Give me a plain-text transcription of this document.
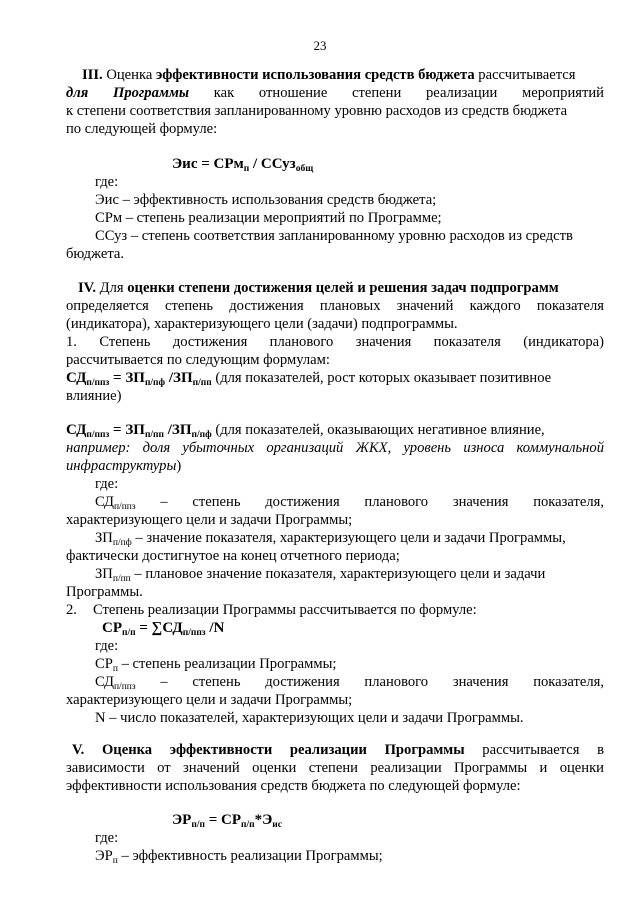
23
III. Оценка эффективности использования средств бюджета рассчитывается
для Программы как отношение степени реализации мероприятий
к степени соответствия запланированному уровню расходов из средств бюджета
по следующей формуле:
Эис = СРм$_п$ / ССуз$_{общ}$
где:
Эис – эффективность использования средств бюджета;
СРм – степень реализации мероприятий по Программе;
ССуз – степень соответствия запланированному уровню расходов из средств
бюджета.
IV. Для оценки степени достижения целей и решения задач подпрограмм
определяется степень достижения плановых значений каждого показателя
(индикатора), характеризующего цели (задачи) подпрограммы.
1. Степень достижения планового значения показателя (индикатора)
рассчитывается по следующим формулам:
$СД_{п/ппз} = ЗП_{п/пф}$ $/ЗП_{п/пп}$ (для показателей, рост которых оказывает позитивное
влияние)
$СД_{п/ппз} = ЗП_{п/пп}$ $/ЗП_{п/пф}$ (для показателей, оказывающих негативное влияние,
например: доля убыточных организаций ЖКХ, уровень износа коммунальной
инфраструктуры)
где:
$СД_{п/ппз}$ – степень достижения планового значения показателя,
характеризующего цели и задачи Программы;
$ЗП_{п/пф}$ – значение показателя, характеризующего цели и задачи Программы,
фактически достигнутое на конец отчетного периода;
$ЗП_{п/пп}$ – плановое значение показателя, характеризующего цели и задачи
Программы.
2. Степень реализации Программы рассчитывается по формуле:
$СР_{п/п} = \sum СД_{п/ппз}$ /N
где:
$СР_п$ – степень реализации Программы;
$СД_{п/ппз}$ – степень достижения планового значения показателя,
характеризующего цели и задачи Программы;
N – число показателей, характеризующих цели и задачи Программы.
V. Оценка эффективности реализации Программы рассчитывается в
зависимости от значений оценки степени реализации Программы и оценки
эффективности использования средств бюджета по следующей формуле:
$ЭР_{п/п} = СР_{п/п}*Э_{ис}$
где:
$ЭР_п$ – эффективность реализации Программы;
